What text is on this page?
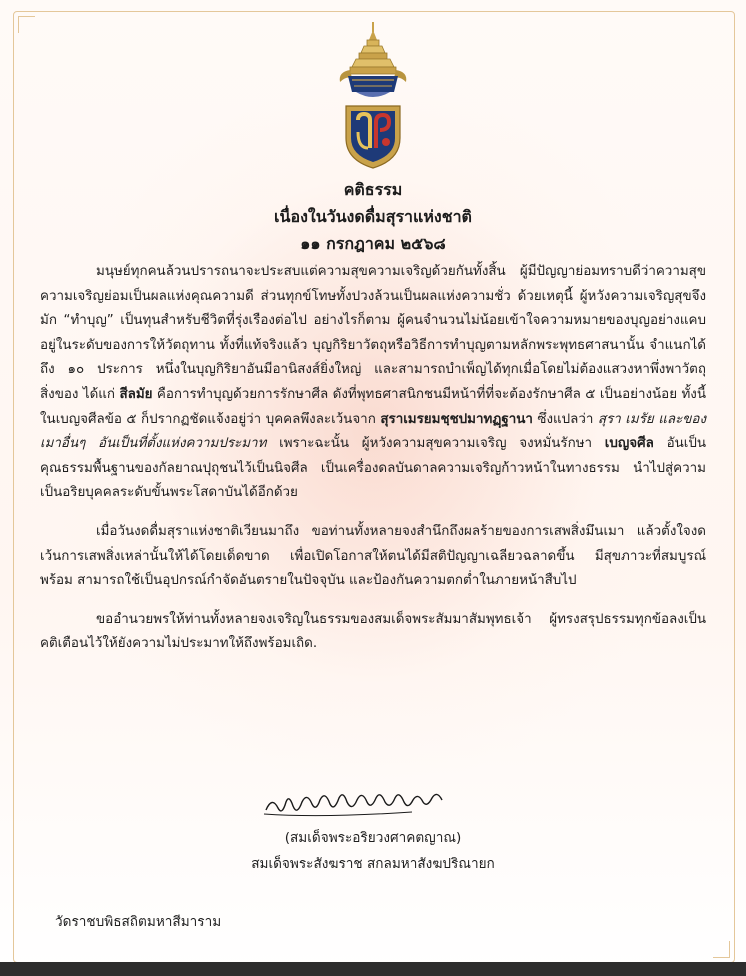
คติธรรม
เนื่องในวันงดดื่มสุราแห่งชาติ
๑๑ กรกฎาคม ๒๕๖๘

มนุษย์ทุกคนล้วนปรารถนาจะประสบแต่ความสุขความเจริญด้วยกันทั้งสิ้น ผู้มีปัญญาย่อมทราบดีว่าความสุขความเจริญย่อมเป็นผลแห่งคุณความดี ส่วนทุกข์โทษทั้งปวงล้วนเป็นผลแห่งความชั่ว ด้วยเหตุนี้ ผู้หวังความเจริญสุขจึงมัก “ทำบุญ” เป็นทุนสำหรับชีวิตที่รุ่งเรืองต่อไป อย่างไรก็ตาม ผู้คนจำนวนไม่น้อยเข้าใจความหมายของบุญอย่างแคบอยู่ในระดับของการให้วัตถุทาน ทั้งที่แท้จริงแล้ว บุญกิริยาวัตถุหรือวิธีการทำบุญตามหลักพระพุทธศาสนานั้น จำแนกได้ถึง ๑๐ ประการ หนึ่งในบุญกิริยาอันมีอานิสงส์ยิ่งใหญ่ และสามารถบำเพ็ญได้ทุกเมื่อโดยไม่ต้องแสวงหาพึ่งพาวัตถุสิ่งของ ได้แก่ สีลมัย คือการทำบุญด้วยการรักษาศีล ดังที่พุทธศาสนิกชนมีหน้าที่ที่จะต้องรักษาศีล ๕ เป็นอย่างน้อย ทั้งนี้ ในเบญจศีลข้อ ๕ ก็ปรากฏชัดแจ้งอยู่ว่า บุคคลพึงละเว้นจาก สุราเมรยมชฺชปมาทฏฺฐานา ซึ่งแปลว่า สุรา เมรัย และของเมาอื่นๆ อันเป็นที่ตั้งแห่งความประมาท เพราะฉะนั้น ผู้หวังความสุขความเจริญ จงหมั่นรักษา เบญจศีล อันเป็นคุณธรรมพื้นฐานของกัลยาณปุถุชนไว้เป็นนิจศีล เป็นเครื่องดลบันดาลความเจริญก้าวหน้าในทางธรรม นำไปสู่ความเป็นอริยบุคคลระดับขั้นพระโสดาบันได้อีกด้วย

เมื่อวันงดดื่มสุราแห่งชาติเวียนมาถึง ขอท่านทั้งหลายจงสำนึกถึงผลร้ายของการเสพสิ่งมึนเมา แล้วตั้งใจงดเว้นการเสพสิ่งเหล่านั้นให้ได้โดยเด็ดขาด เพื่อเปิดโอกาสให้ตนได้มีสติปัญญาเฉลียวฉลาดขึ้น มีสุขภาวะที่สมบูรณ์พร้อม สามารถใช้เป็นอุปกรณ์กำจัดอันตรายในปัจจุบัน และป้องกันความตกต่ำในภายหน้าสืบไป

ขออำนวยพรให้ท่านทั้งหลายจงเจริญในธรรมของสมเด็จพระสัมมาสัมพุทธเจ้า ผู้ทรงสรุปธรรมทุกข้อลงเป็นคติเตือนไว้ให้ยังความไม่ประมาทให้ถึงพร้อมเถิด.

(สมเด็จพระอริยวงศาคตญาณ)
สมเด็จพระสังฆราช สกลมหาสังฆปริณายก
วัดราชบพิธสถิตมหาสีมาราม
